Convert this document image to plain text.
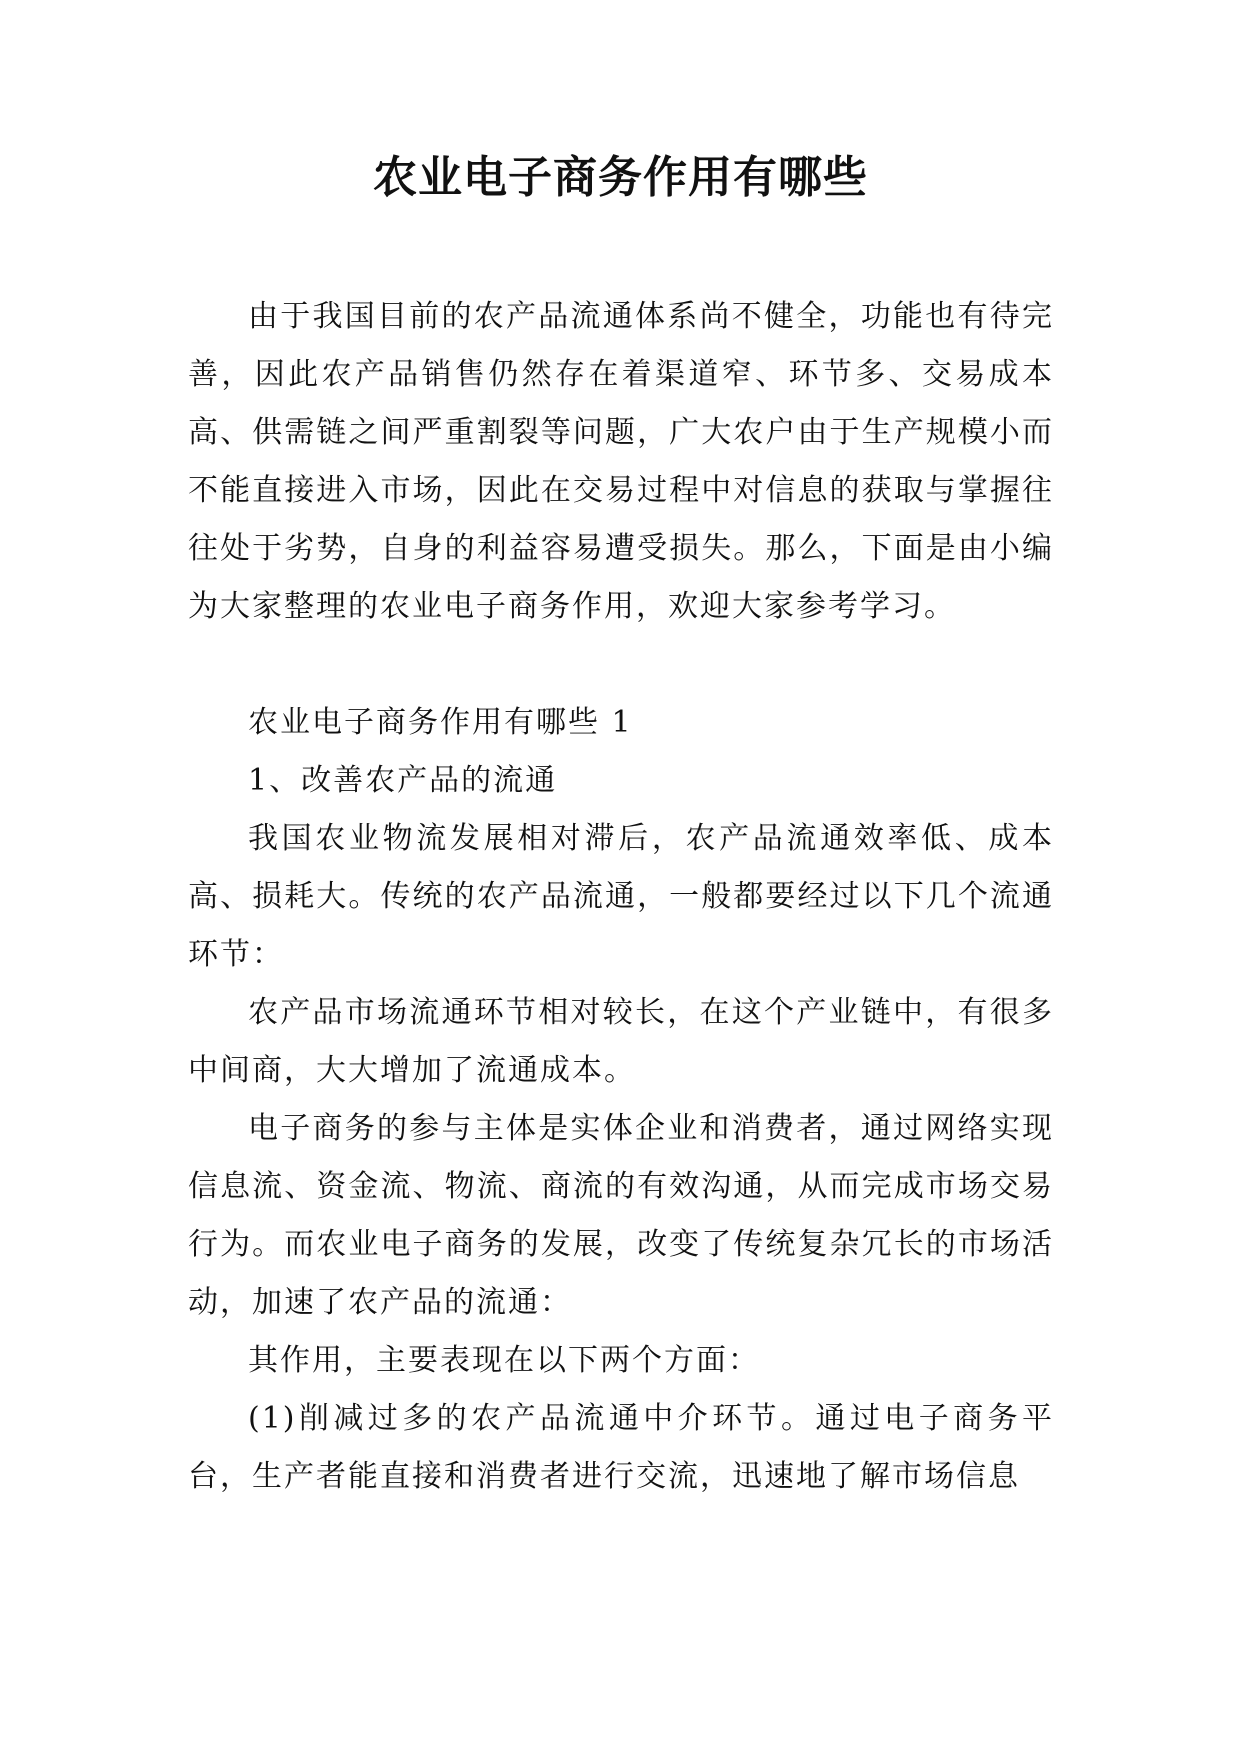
农业电子商务作用有哪些

由于我国目前的农产品流通体系尚不健全，功能也有待完善，因此农产品销售仍然存在着渠道窄、环节多、交易成本高、供需链之间严重割裂等问题，广大农户由于生产规模小而不能直接进入市场，因此在交易过程中对信息的获取与掌握往往处于劣势，自身的利益容易遭受损失。那么，下面是由小编为大家整理的农业电子商务作用，欢迎大家参考学习。

农业电子商务作用有哪些 1

1、改善农产品的流通

我国农业物流发展相对滞后，农产品流通效率低、成本高、损耗大。传统的农产品流通，一般都要经过以下几个流通环节：

农产品市场流通环节相对较长，在这个产业链中，有很多中间商，大大增加了流通成本。

电子商务的参与主体是实体企业和消费者，通过网络实现信息流、资金流、物流、商流的有效沟通，从而完成市场交易行为。而农业电子商务的发展，改变了传统复杂冗长的市场活动，加速了农产品的流通：

其作用，主要表现在以下两个方面：

(1)削减过多的农产品流通中介环节。通过电子商务平台，生产者能直接和消费者进行交流，迅速地了解市场信息
